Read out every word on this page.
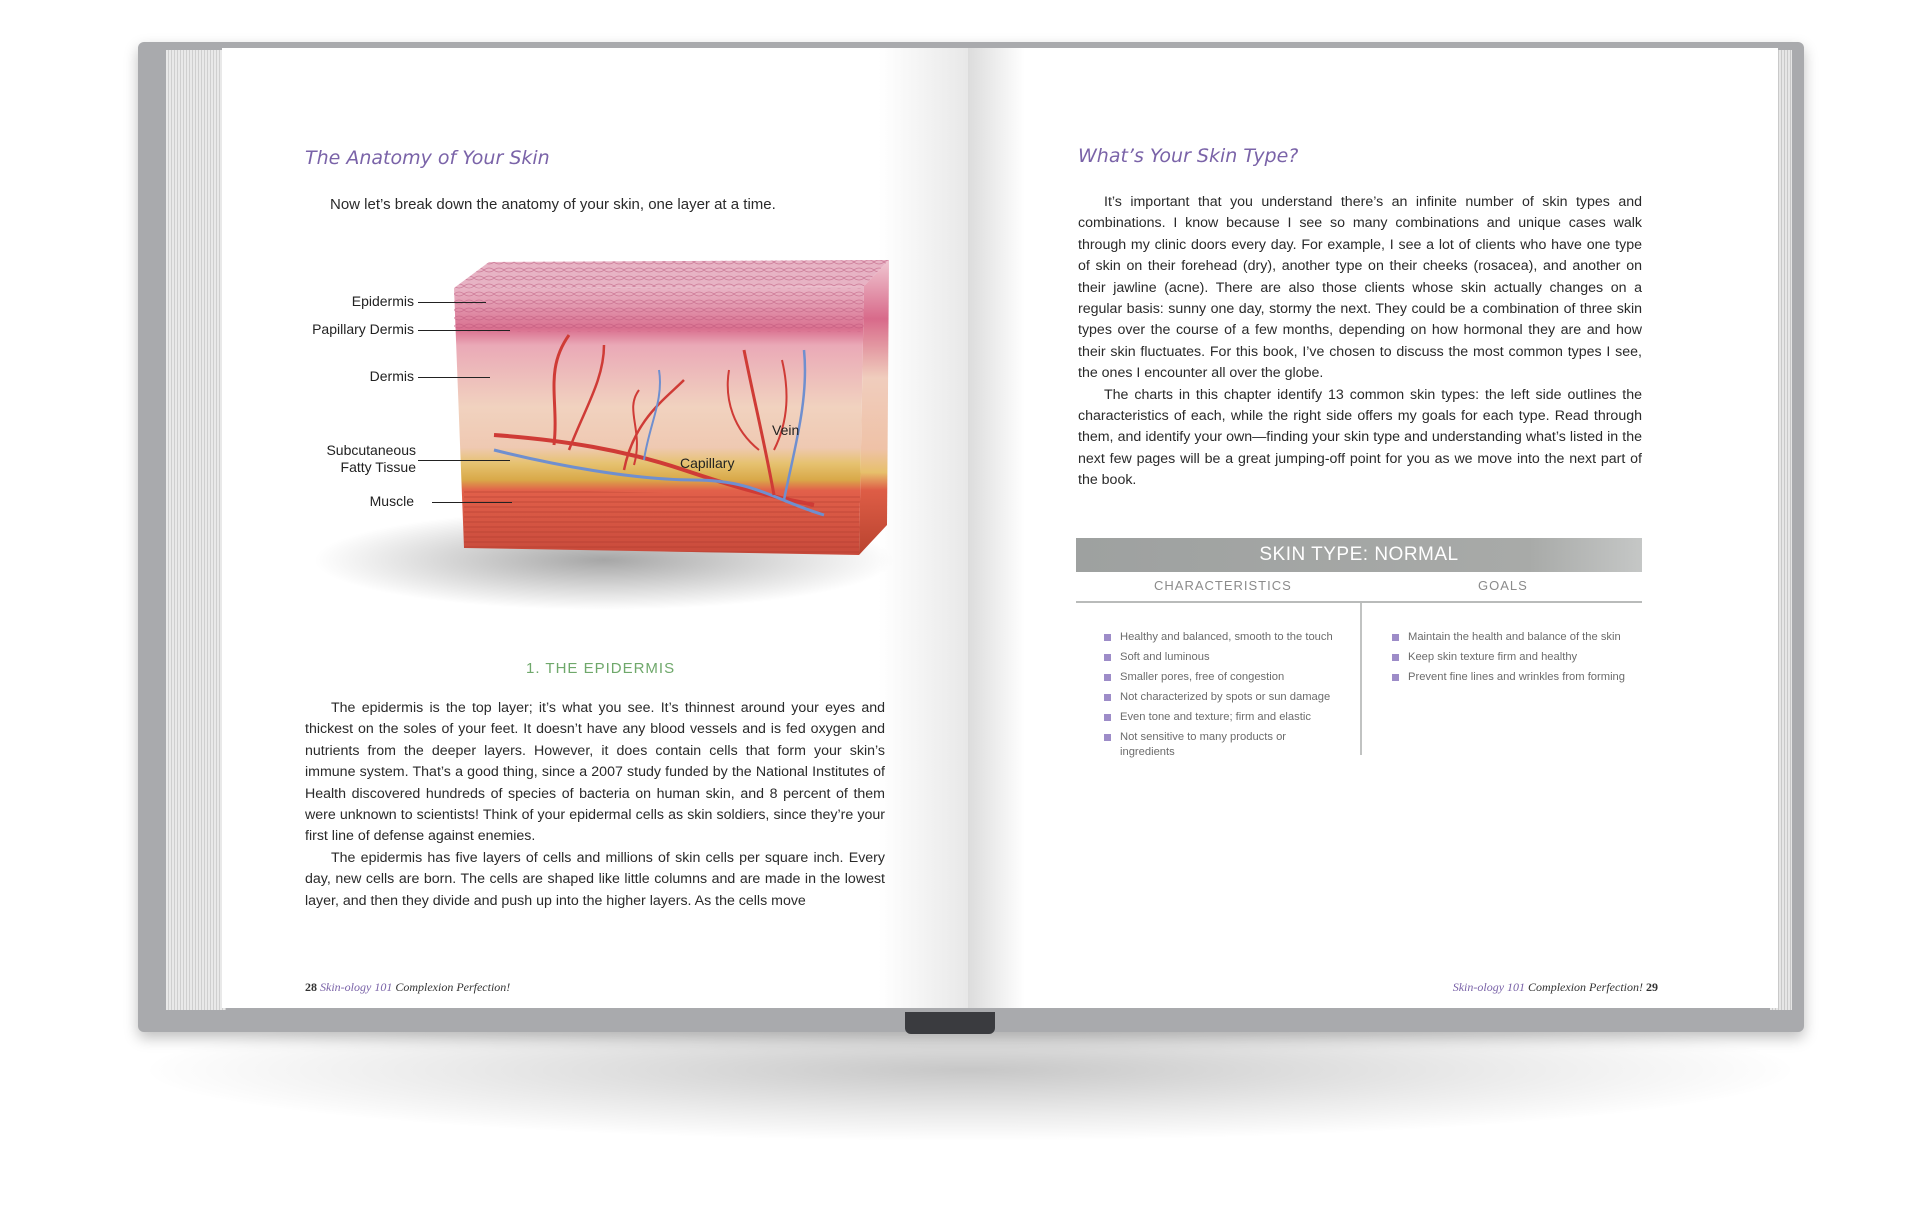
The Anatomy of Your Skin
Now let’s break down the anatomy of your skin, one layer at a time.
1. THE EPIDERMIS

The epidermis is the top layer; it’s what you see. It’s thinnest around your eyes and thickest on the soles of your feet. It doesn’t have any blood vessels and is fed oxygen and nutrients from the deeper layers. However, it does contain cells that form your skin’s immune system. That’s a good thing, since a 2007 study funded by the National Institutes of Health discovered hundreds of species of bacteria on human skin, and 8 percent of them were unknown to scientists! Think of your epidermal cells as skin soldiers, since they’re your first line of defense against enemies.

The epidermis has five layers of cells and millions of skin cells per square inch. Every day, new cells are born. The cells are shaped like little columns and are made in the lowest layer, and then they divide and push up into the higher layers. As the cells move

28 Skin-ology 101 Complexion Perfection!
Epidermis
Papillary Dermis
Dermis
Subcutaneous
Fatty Tissue
Muscle
Vein
Capillary
What’s Your Skin Type?

It’s important that you understand there’s an infinite number of skin types and combinations. I know because I see so many combinations and unique cases walk through my clinic doors every day. For example, I see a lot of clients who have one type of skin on their forehead (dry), another type on their cheeks (rosacea), and another on their jawline (acne). There are also those clients whose skin actually changes on a regular basis: sunny one day, stormy the next. They could be a combination of three skin types over the course of a few months, depending on how hormonal they are and how their skin fluctuates. For this book, I’ve chosen to discuss the most common types I see, the ones I encounter all over the globe.

The charts in this chapter identify 13 common skin types: the left side outlines the characteristics of each, while the right side offers my goals for each type. Read through them, and identify your own—finding your skin type and understanding what’s listed in the next few pages will be a great jumping-off point for you as we move into the next part of the book.

SKIN TYPE: NORMAL
CHARACTERISTICS	GOALS
Healthy and balanced, smooth to the touch
Soft and luminous
Smaller pores, free of congestion
Not characterized by spots or sun damage
Even tone and texture; firm and elastic
Not sensitive to many products or ingredients
Maintain the health and balance of the skin
Keep skin texture firm and healthy
Prevent fine lines and wrinkles from forming
Skin-ology 101 Complexion Perfection! 29
